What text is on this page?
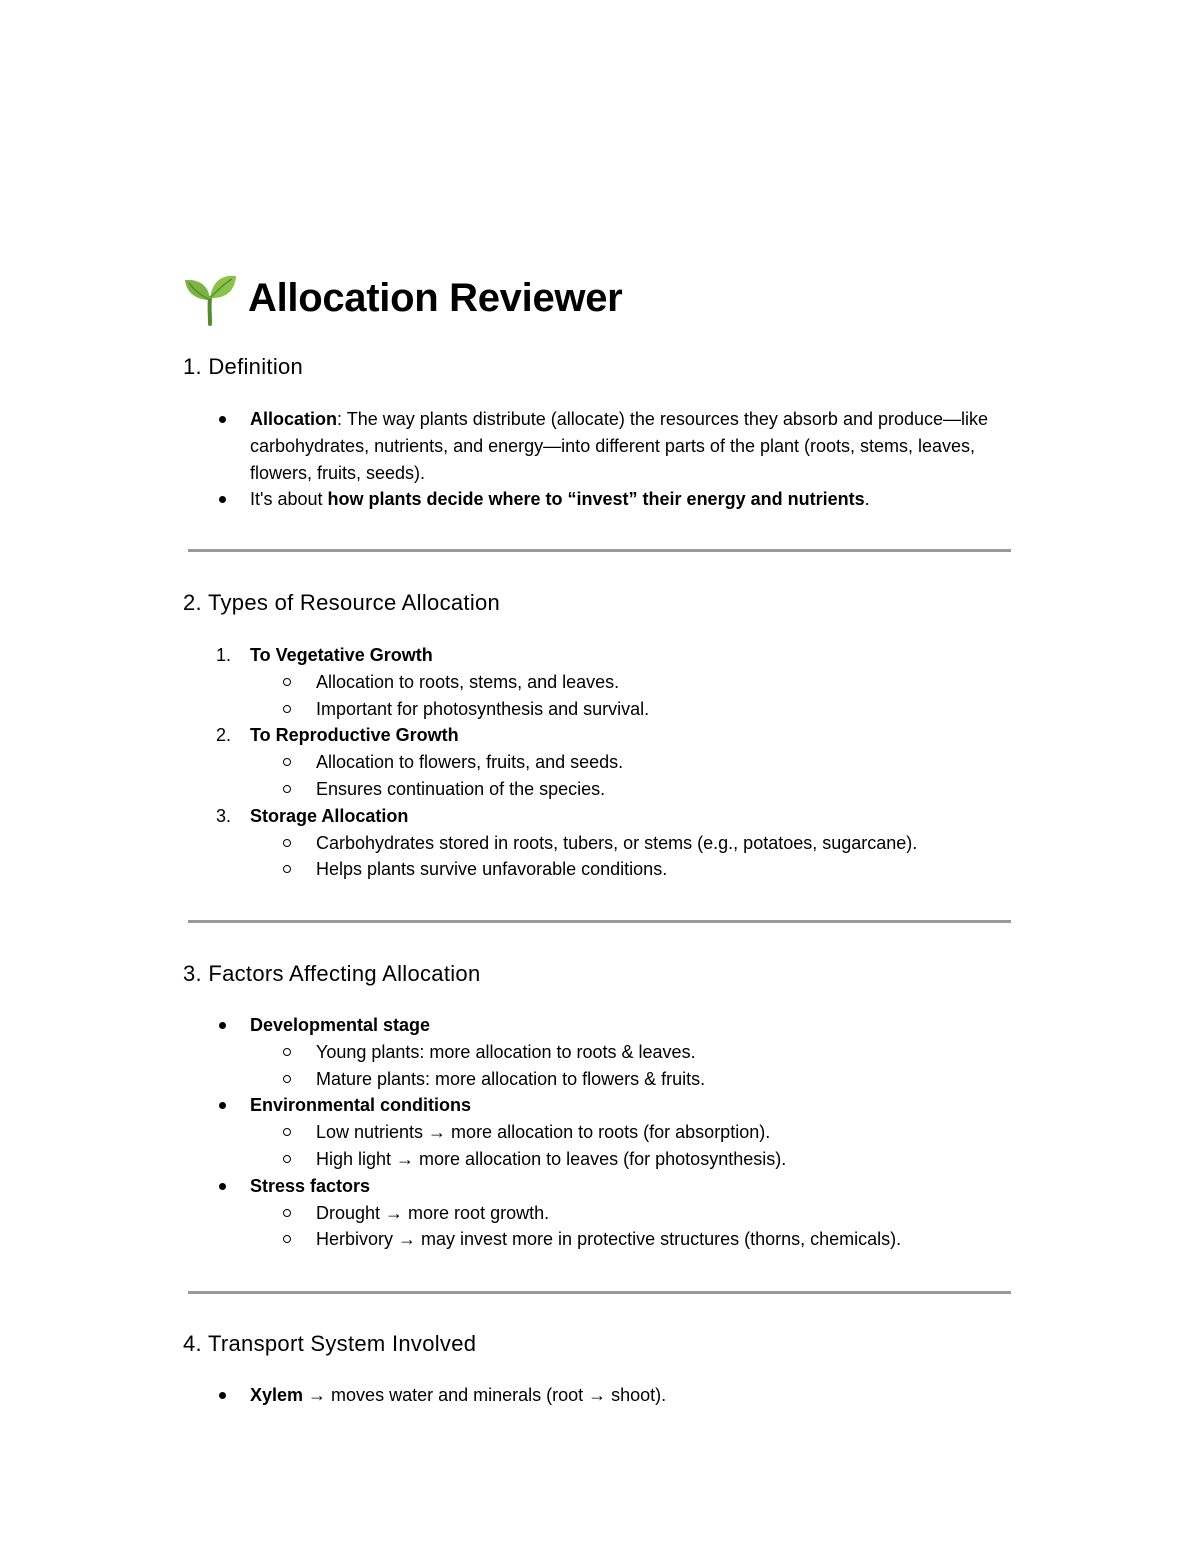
Allocation Reviewer
1. Definition
Allocation: The way plants distribute (allocate) the resources they absorb and produce—like carbohydrates, nutrients, and energy—into different parts of the plant (roots, stems, leaves, flowers, fruits, seeds).
It's about how plants decide where to “invest” their energy and nutrients.
2. Types of Resource Allocation
1.	To Vegetative Growth
Allocation to roots, stems, and leaves.
Important for photosynthesis and survival.
2.	To Reproductive Growth
Allocation to flowers, fruits, and seeds.
Ensures continuation of the species.
3.	Storage Allocation
Carbohydrates stored in roots, tubers, or stems (e.g., potatoes, sugarcane).
Helps plants survive unfavorable conditions.
3. Factors Affecting Allocation
Developmental stage
Young plants: more allocation to roots & leaves.
Mature plants: more allocation to flowers & fruits.
Environmental conditions
Low nutrients → more allocation to roots (for absorption).
High light → more allocation to leaves (for photosynthesis).
Stress factors
Drought → more root growth.
Herbivory → may invest more in protective structures (thorns, chemicals).
4. Transport System Involved
Xylem → moves water and minerals (root → shoot).
